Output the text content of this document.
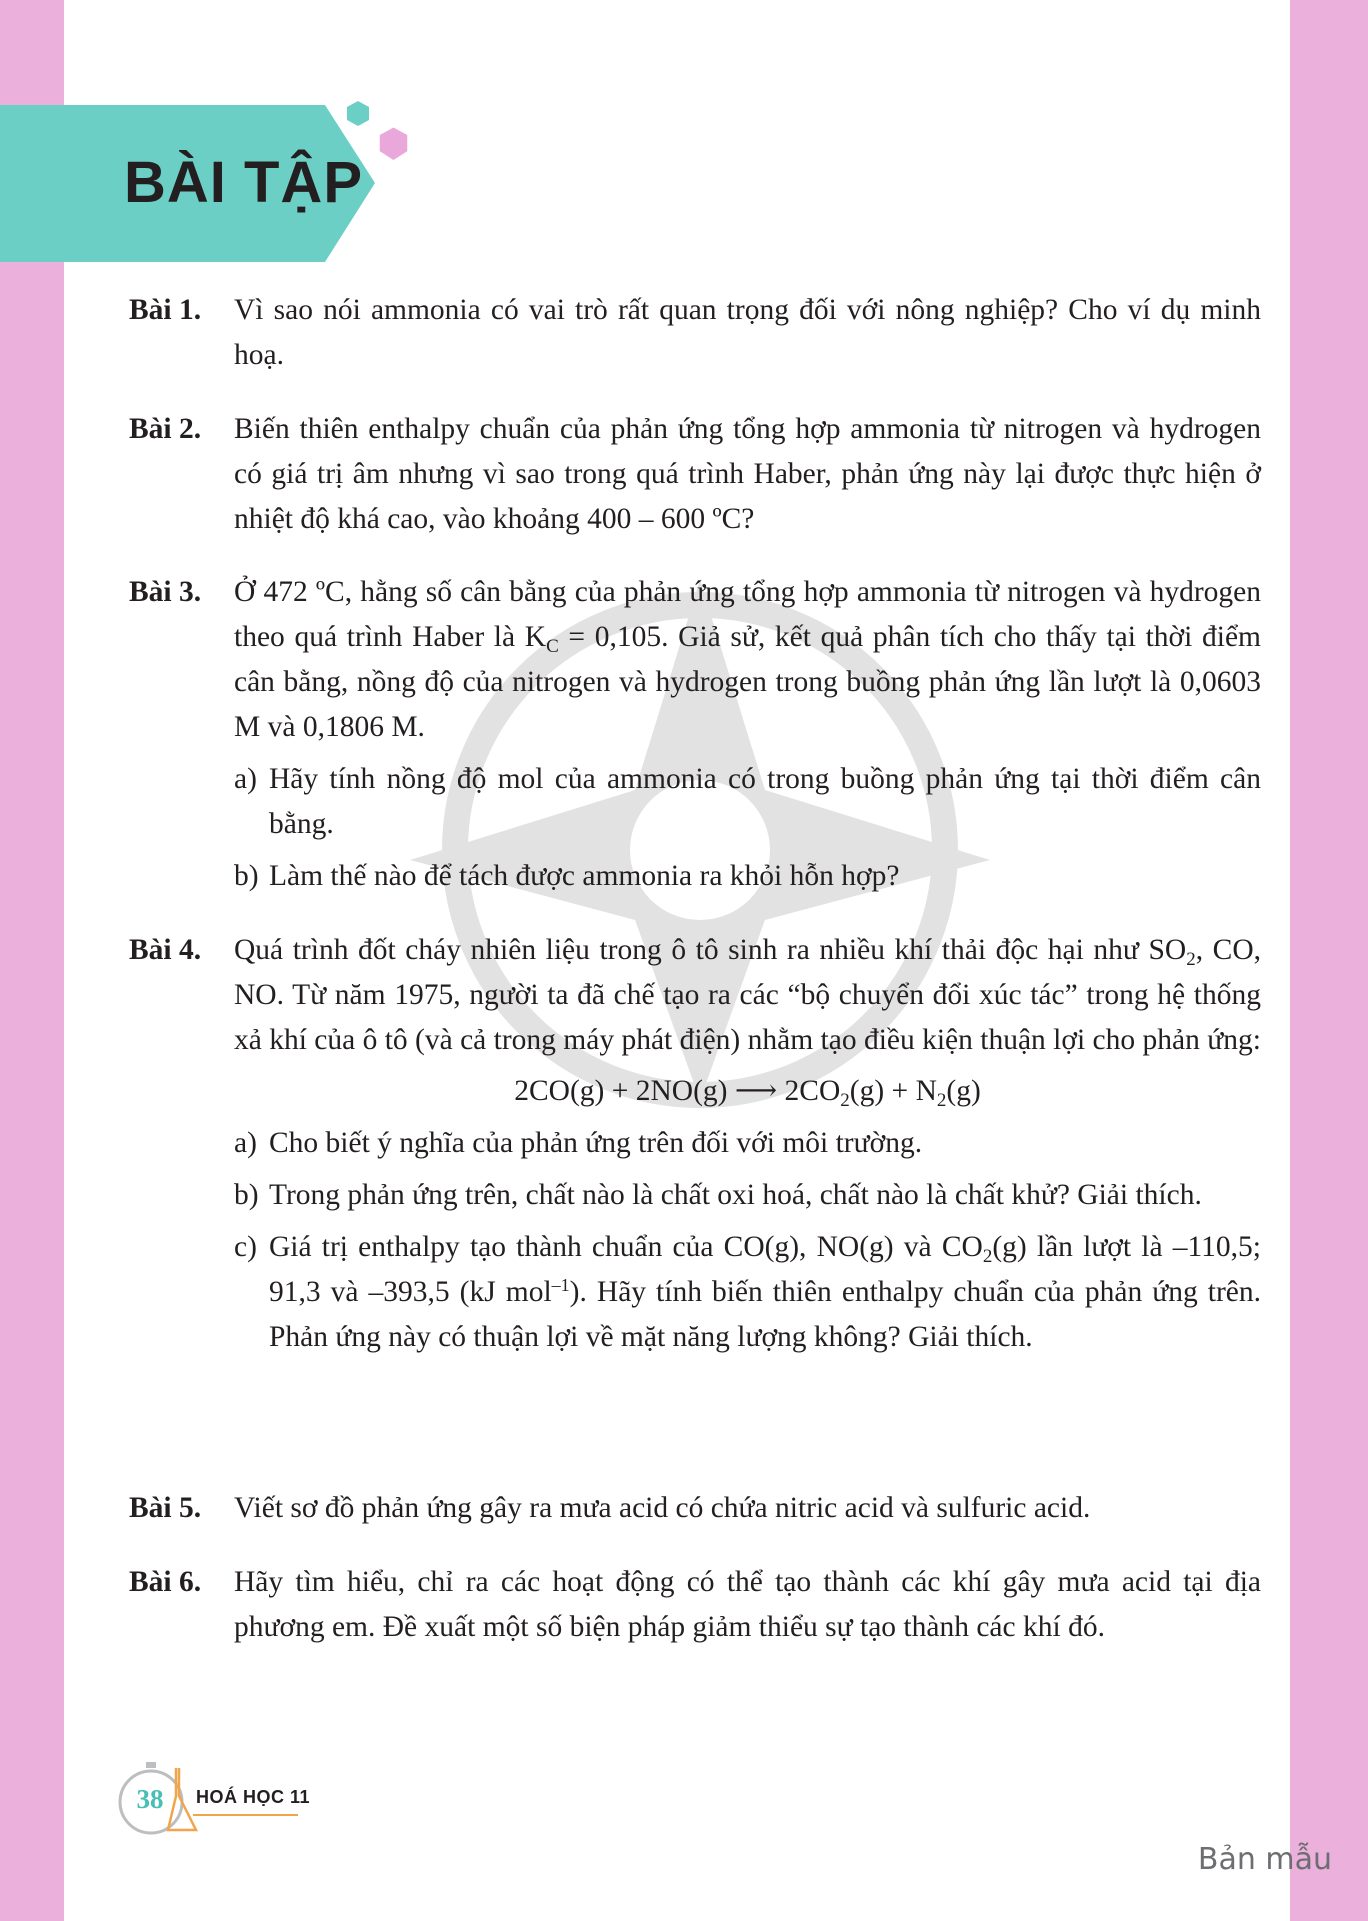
BÀI TẬP
Bài 1. Vì sao nói ammonia có vai trò rất quan trọng đối với nông nghiệp? Cho ví dụ minh hoạ.

Bài 2. Biến thiên enthalpy chuẩn của phản ứng tổng hợp ammonia từ nitrogen và hydrogen có giá trị âm nhưng vì sao trong quá trình Haber, phản ứng này lại được thực hiện ở nhiệt độ khá cao, vào khoảng 400 – 600 ºC?

Bài 3. Ở 472 ºC, hằng số cân bằng của phản ứng tổng hợp ammonia từ nitrogen và hydrogen theo quá trình Haber là $K_C = 0,105$. Giả sử, kết quả phân tích cho thấy tại thời điểm cân bằng, nồng độ của nitrogen và hydrogen trong buồng phản ứng lần lượt là 0,0603 M và 0,1806 M.

a) Hãy tính nồng độ mol của ammonia có trong buồng phản ứng tại thời điểm cân bằng.

b) Làm thế nào để tách được ammonia ra khỏi hỗn hợp?

Bài 4. Quá trình đốt cháy nhiên liệu trong ô tô sinh ra nhiều khí thải độc hại như $SO_2$, CO, NO. Từ năm 1975, người ta đã chế tạo ra các “bộ chuyển đổi xúc tác” trong hệ thống xả khí của ô tô (và cả trong máy phát điện) nhằm tạo điều kiện thuận lợi cho phản ứng:

2CO(g) + 2NO(g) ⟶ $2CO_2(g) + N_2(g)$

a) Cho biết ý nghĩa của phản ứng trên đối với môi trường.

b) Trong phản ứng trên, chất nào là chất oxi hoá, chất nào là chất khử? Giải thích.

c) Giá trị enthalpy tạo thành chuẩn của CO(g), NO(g) và $CO_2(g)$ lần lượt là –110,5; 91,3 và –393,5 (kJ mol$^{-1}$). Hãy tính biến thiên enthalpy chuẩn của phản ứng trên. Phản ứng này có thuận lợi về mặt năng lượng không? Giải thích.

Bài 5. Viết sơ đồ phản ứng gây ra mưa acid có chứa nitric acid và sulfuric acid.

Bài 6. Hãy tìm hiểu, chỉ ra các hoạt động có thể tạo thành các khí gây mưa acid tại địa phương em. Đề xuất một số biện pháp giảm thiểu sự tạo thành các khí đó.

38	HOÁ HỌC 11
Bản mẫu
